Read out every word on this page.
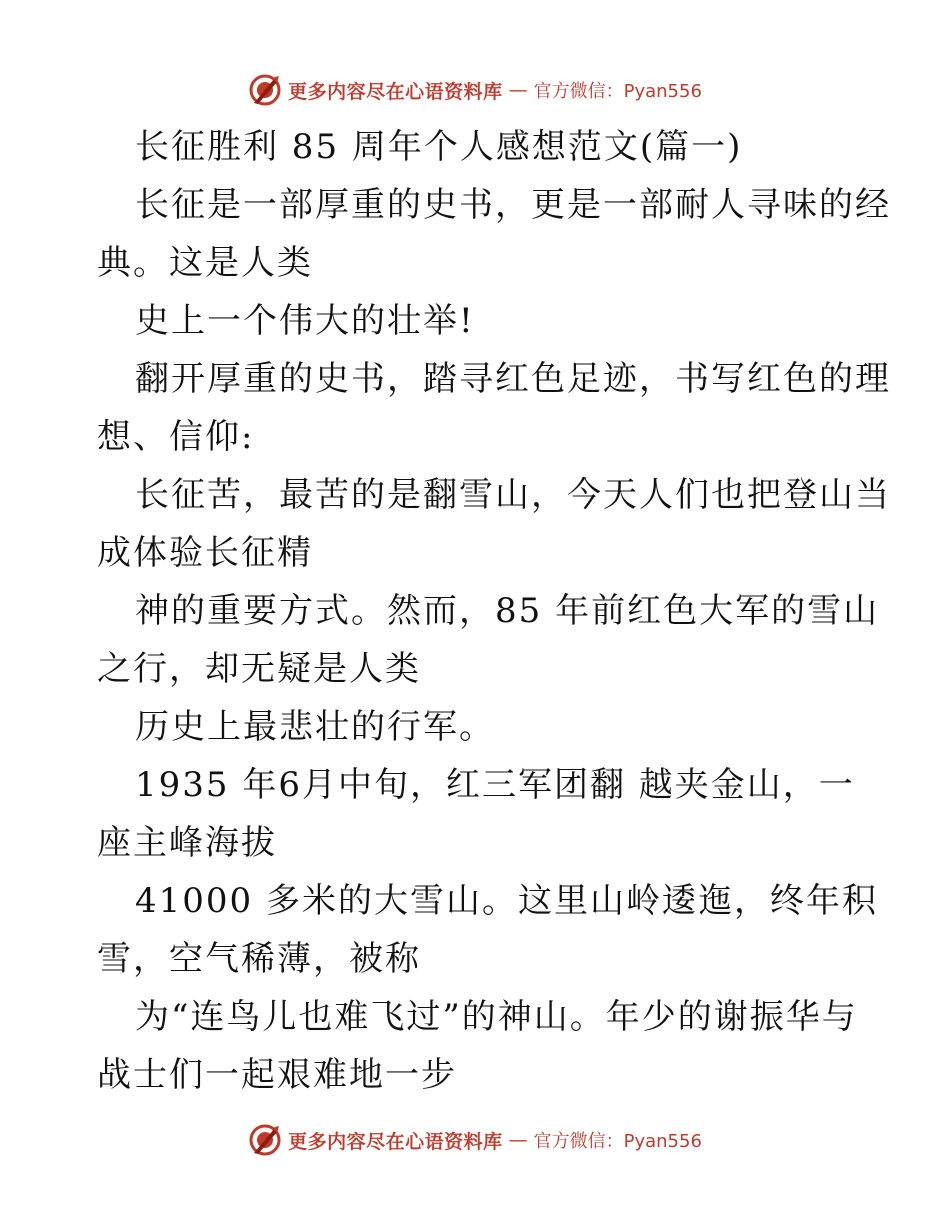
更多内容尽在心语资料库 — 官方微信：Pyan556
长征胜利 85 周年个人感想范文(篇一)
长征是一部厚重的史书，更是一部耐人寻味的经
典。这是人类
史上一个伟大的壮举!
翻开厚重的史书，踏寻红色足迹，书写红色的理
想、信仰:
长征苦，最苦的是翻雪山，今天人们也把登山当
成体验长征精
神的重要方式。然而，85 年前红色大军的雪山
之行，却无疑是人类
历史上最悲壮的行军。
1935 年6月中旬，红三军团翻 越夹金山，一
座主峰海拔
41000 多米的大雪山。这里山岭逶迤，终年积
雪，空气稀薄，被称
为“连鸟儿也难飞过”的神山。年少的谢振华与
战士们一起艰难地一步
更多内容尽在心语资料库 — 官方微信：Pyan556
